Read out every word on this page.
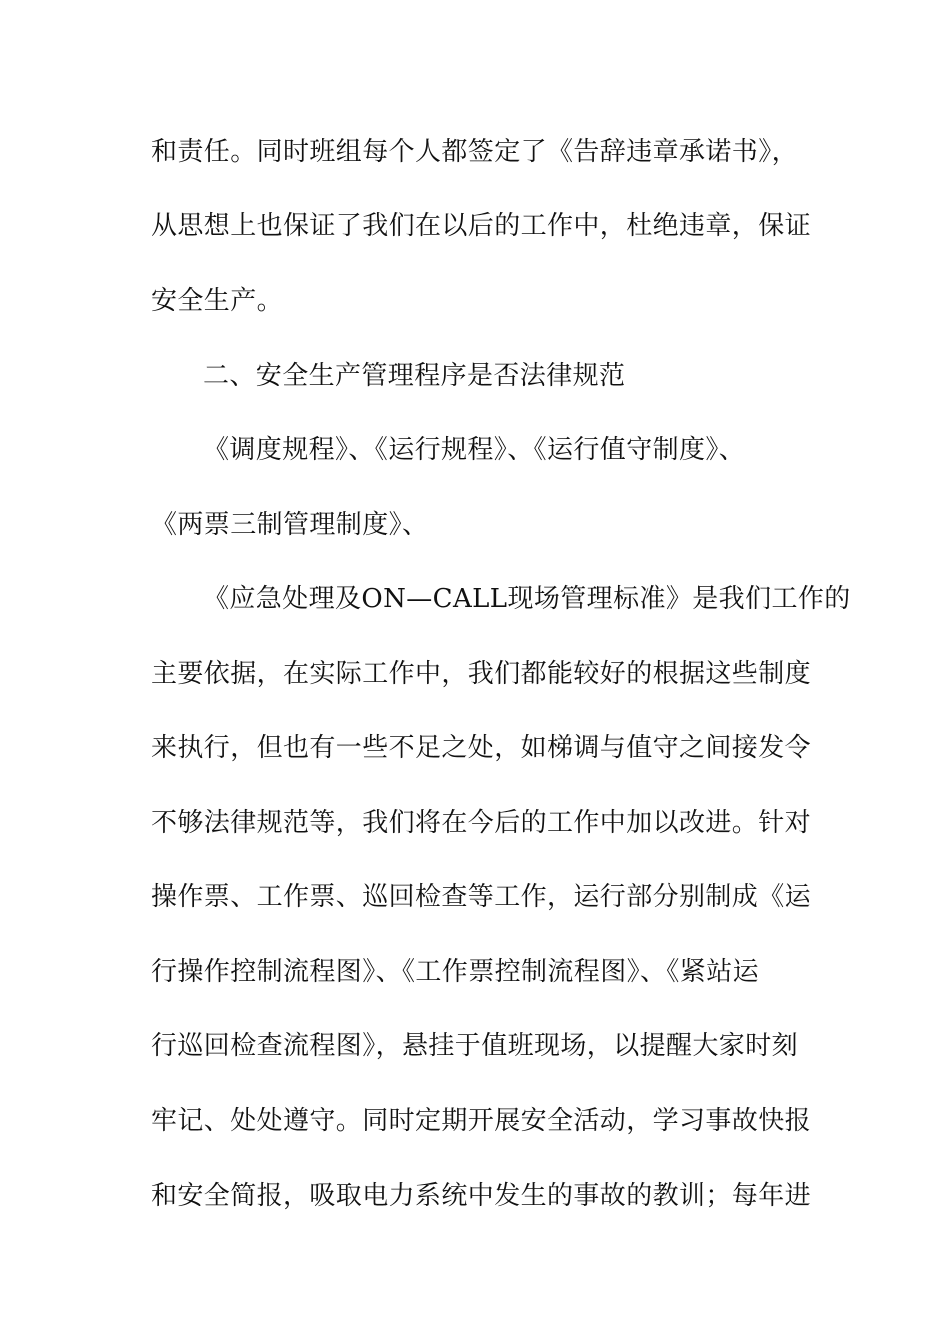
和责任。同时班组每个人都签定了《告辞违章承诺书》，
从思想上也保证了我们在以后的工作中，杜绝违章，保证
安全生产。
二、安全生产管理程序是否法律规范
《调度规程》、《运行规程》、《运行值守制度》、
《两票三制管理制度》、
《应急处理及ON—CALL现场管理标准》是我们工作的
主要依据，在实际工作中，我们都能较好的根据这些制度
来执行，但也有一些不足之处，如梯调与值守之间接发令
不够法律规范等，我们将在今后的工作中加以改进。针对
操作票、工作票、巡回检查等工作，运行部分别制成《运
行操作控制流程图》、《工作票控制流程图》、《紧站运
行巡回检查流程图》，悬挂于值班现场，以提醒大家时刻
牢记、处处遵守。同时定期开展安全活动，学习事故快报
和安全简报，吸取电力系统中发生的事故的教训；每年进
